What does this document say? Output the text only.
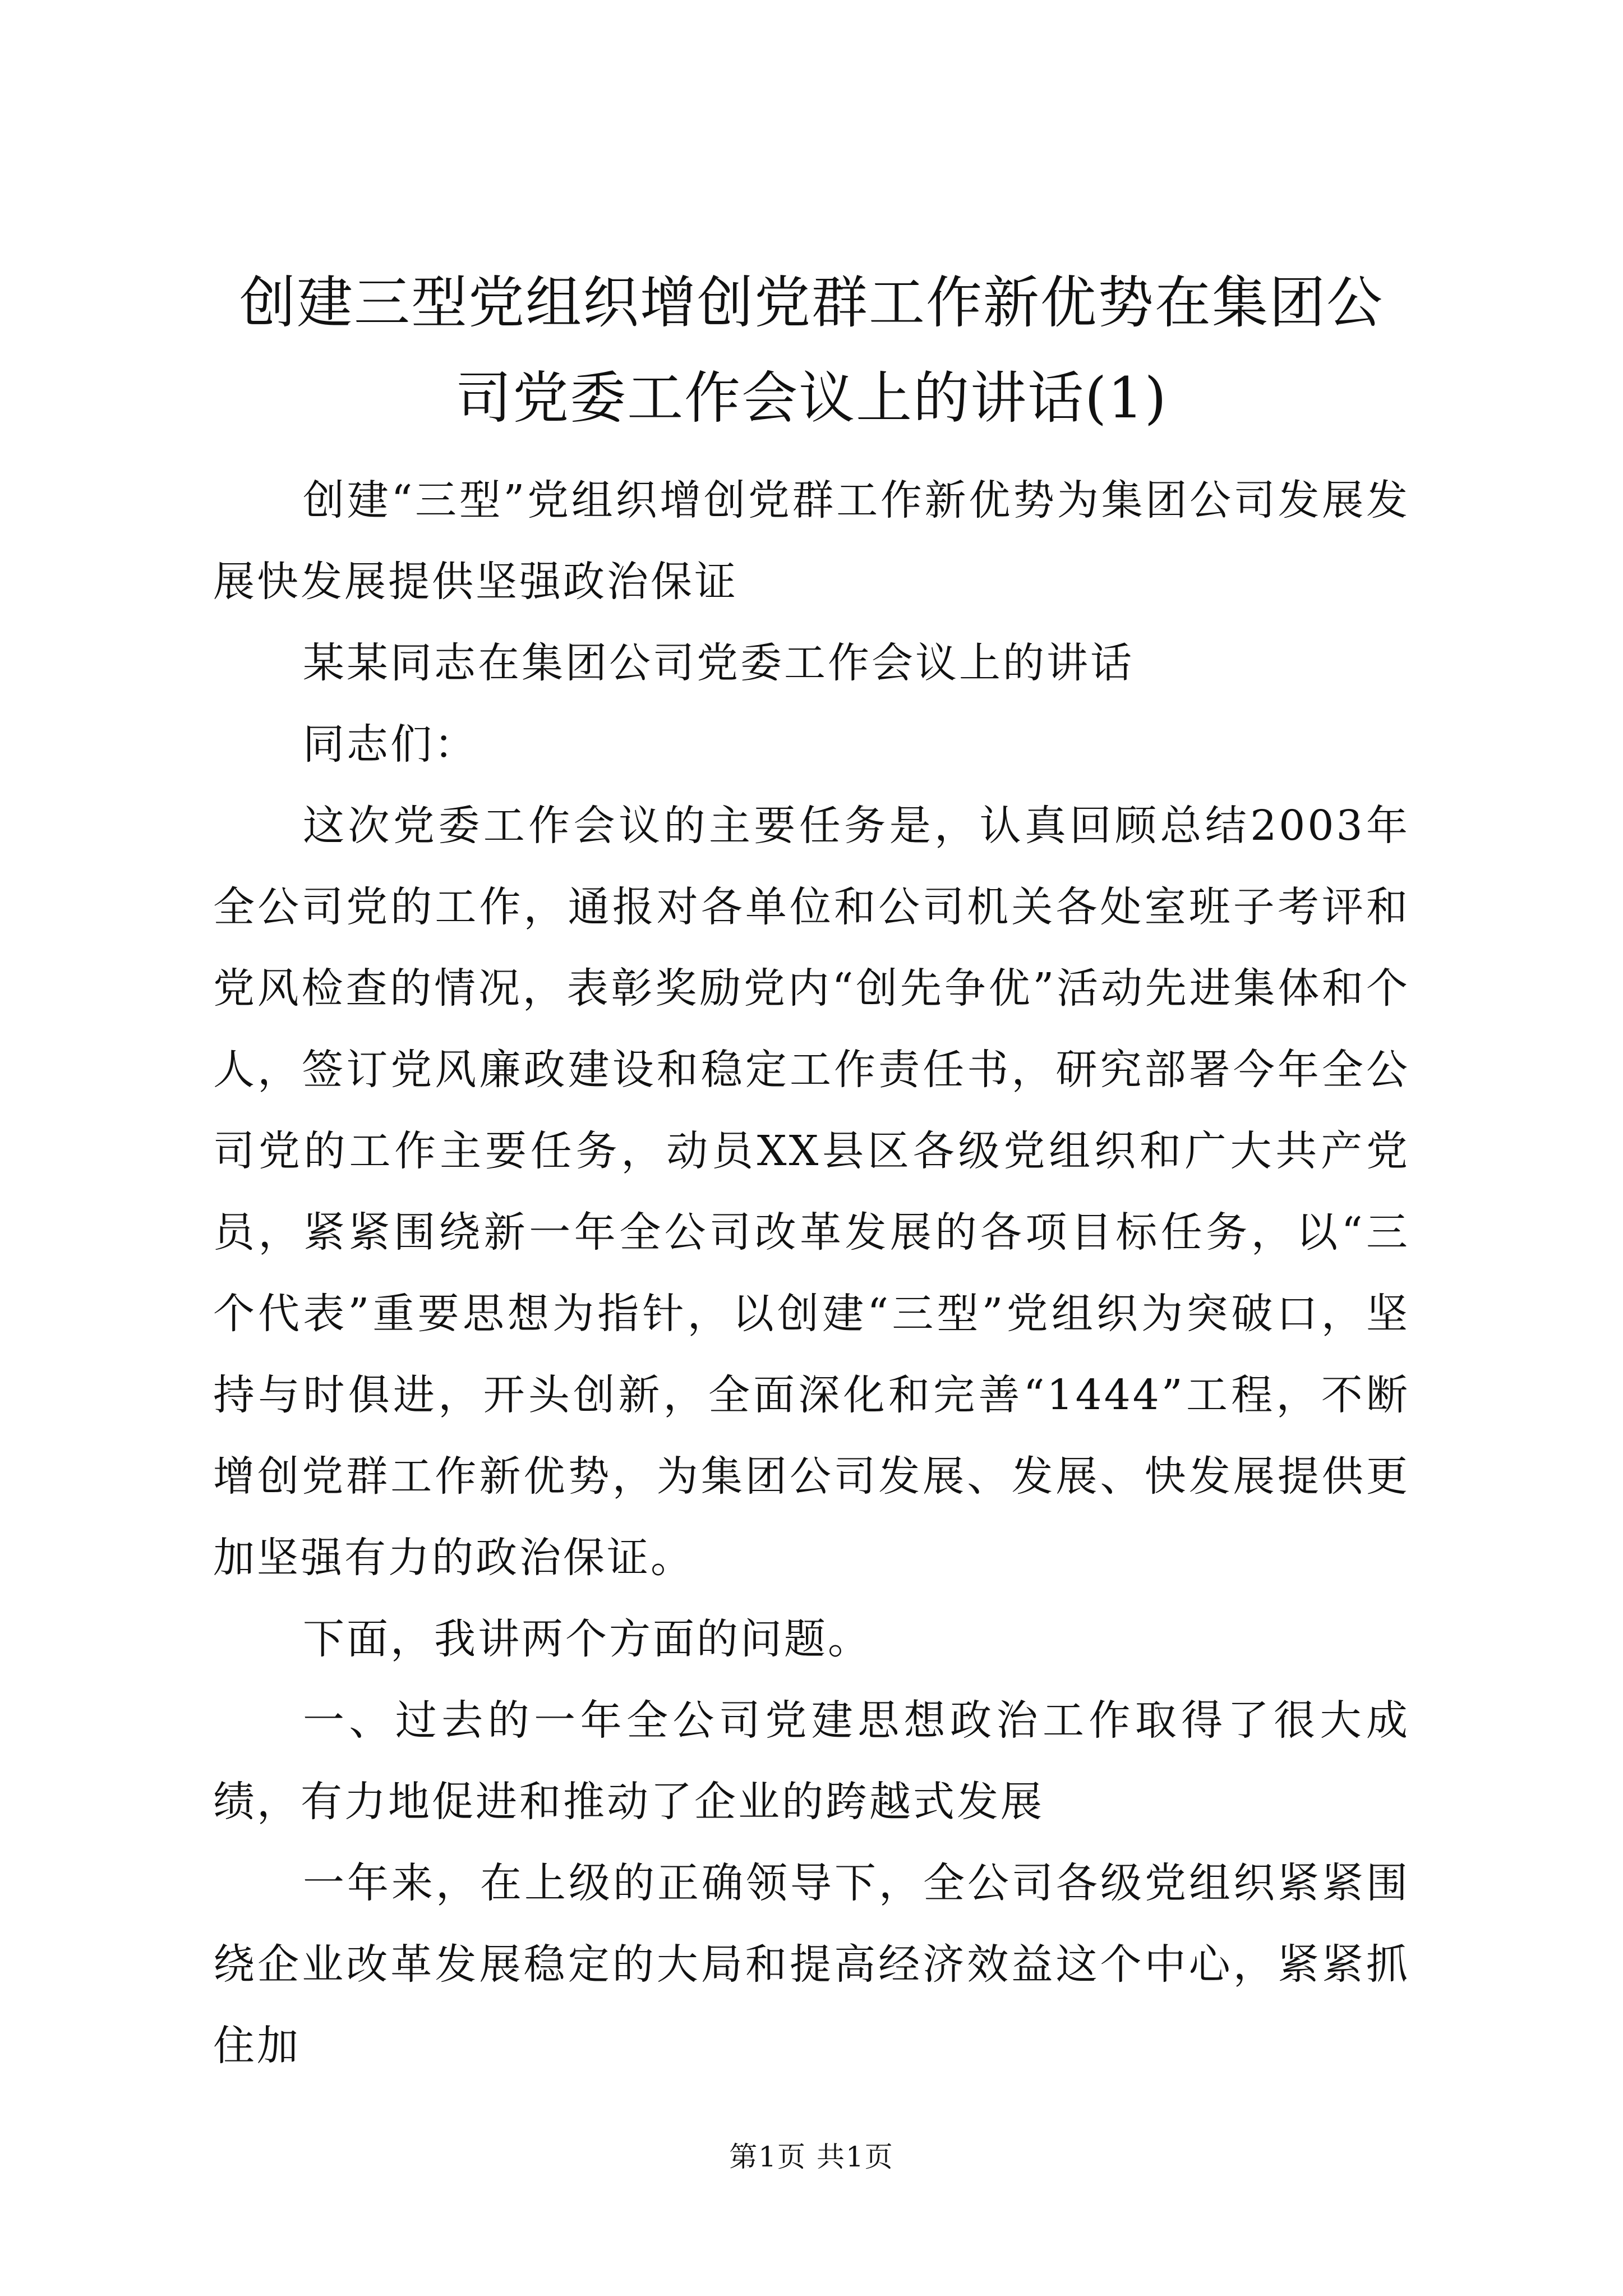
创建三型党组织增创党群工作新优势在集团公司党委工作会议上的讲话(1)

创建“三型”党组织增创党群工作新优势为集团公司发展发展快发展提供坚强政治保证

某某同志在集团公司党委工作会议上的讲话

同志们：

这次党委工作会议的主要任务是，认真回顾总结2003年全公司党的工作，通报对各单位和公司机关各处室班子考评和党风检查的情况，表彰奖励党内“创先争优”活动先进集体和个人，签订党风廉政建设和稳定工作责任书，研究部署今年全公司党的工作主要任务，动员XX县区各级党组织和广大共产党员，紧紧围绕新一年全公司改革发展的各项目标任务，以“三个代表”重要思想为指针，以创建“三型”党组织为突破口，坚持与时俱进，开头创新，全面深化和完善“1444”工程，不断增创党群工作新优势，为集团公司发展、发展、快发展提供更加坚强有力的政治保证。

下面，我讲两个方面的问题。

一、过去的一年全公司党建思想政治工作取得了很大成绩，有力地促进和推动了企业的跨越式发展

一年来，在上级的正确领导下，全公司各级党组织紧紧围绕企业改革发展稳定的大局和提高经济效益这个中心，紧紧抓住加

第1页 共1页
